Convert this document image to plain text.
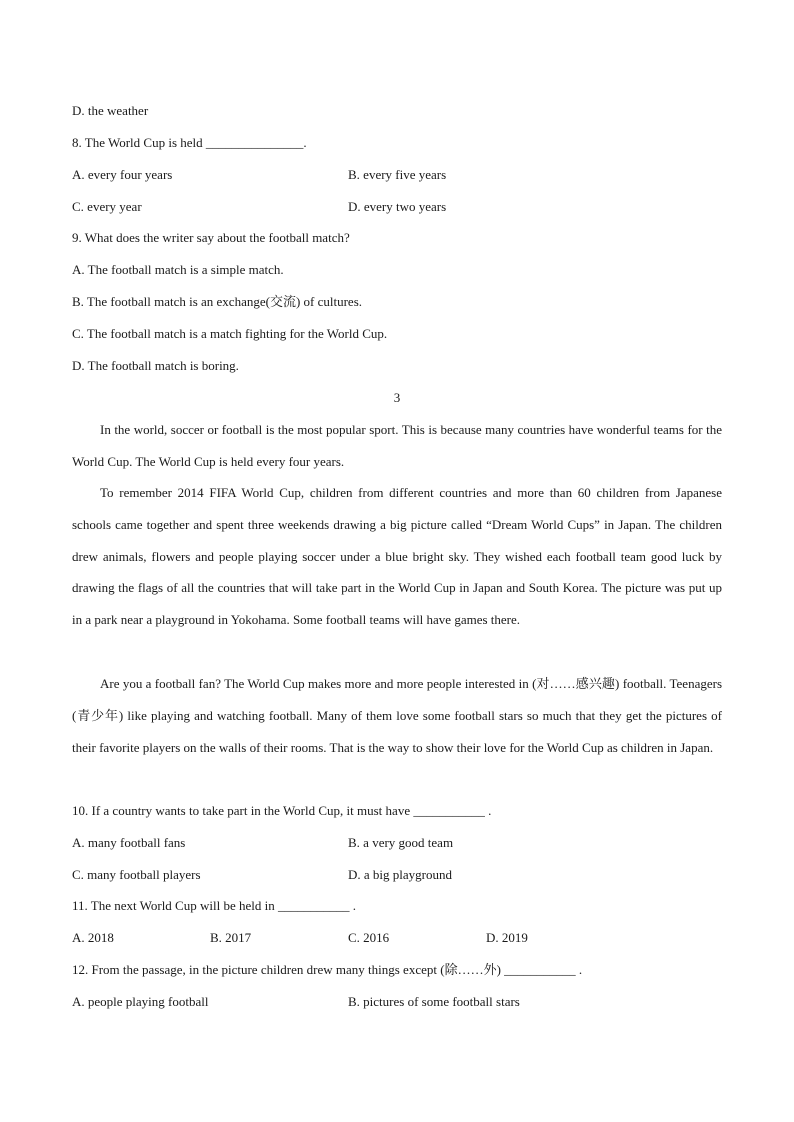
D. the weather
8. The World Cup is held _______________.
A. every four years	B. every five years
C. every year	D. every two years
9. What does the writer say about the football match?
A. The football match is a simple match.
B. The football match is an exchange(交流) of cultures.
C. The football match is a match fighting for the World Cup.
D. The football match is boring.
3
In the world, soccer or football is the most popular sport. This is because many countries have wonderful teams for the World Cup. The World Cup is held every four years.
To remember 2014 FIFA World Cup, children from different countries and more than 60 children from Japanese schools came together and spent three weekends drawing a big picture called “Dream World Cups” in Japan. The children drew animals, flowers and people playing soccer under a blue bright sky. They wished each football team good luck by drawing the flags of all the countries that will take part in the World Cup in Japan and South Korea. The picture was put up in a park near a playground in Yokohama. Some football teams will have games there.
Are you a football fan? The World Cup makes more and more people interested in (对……感兴趣) football. Teenagers (青少年) like playing and watching football. Many of them love some football stars so much that they get the pictures of their favorite players on the walls of their rooms. That is the way to show their love for the World Cup as children in Japan.
10. If a country wants to take part in the World Cup, it must have ___________ .
A. many football fans	B. a very good team
C. many football players	D. a big playground
11. The next World Cup will be held in ___________ .
A. 2018	B. 2017	C. 2016	D. 2019
12. From the passage, in the picture children drew many things except (除……外) ___________ .
A. people playing football	B. pictures of some football stars
